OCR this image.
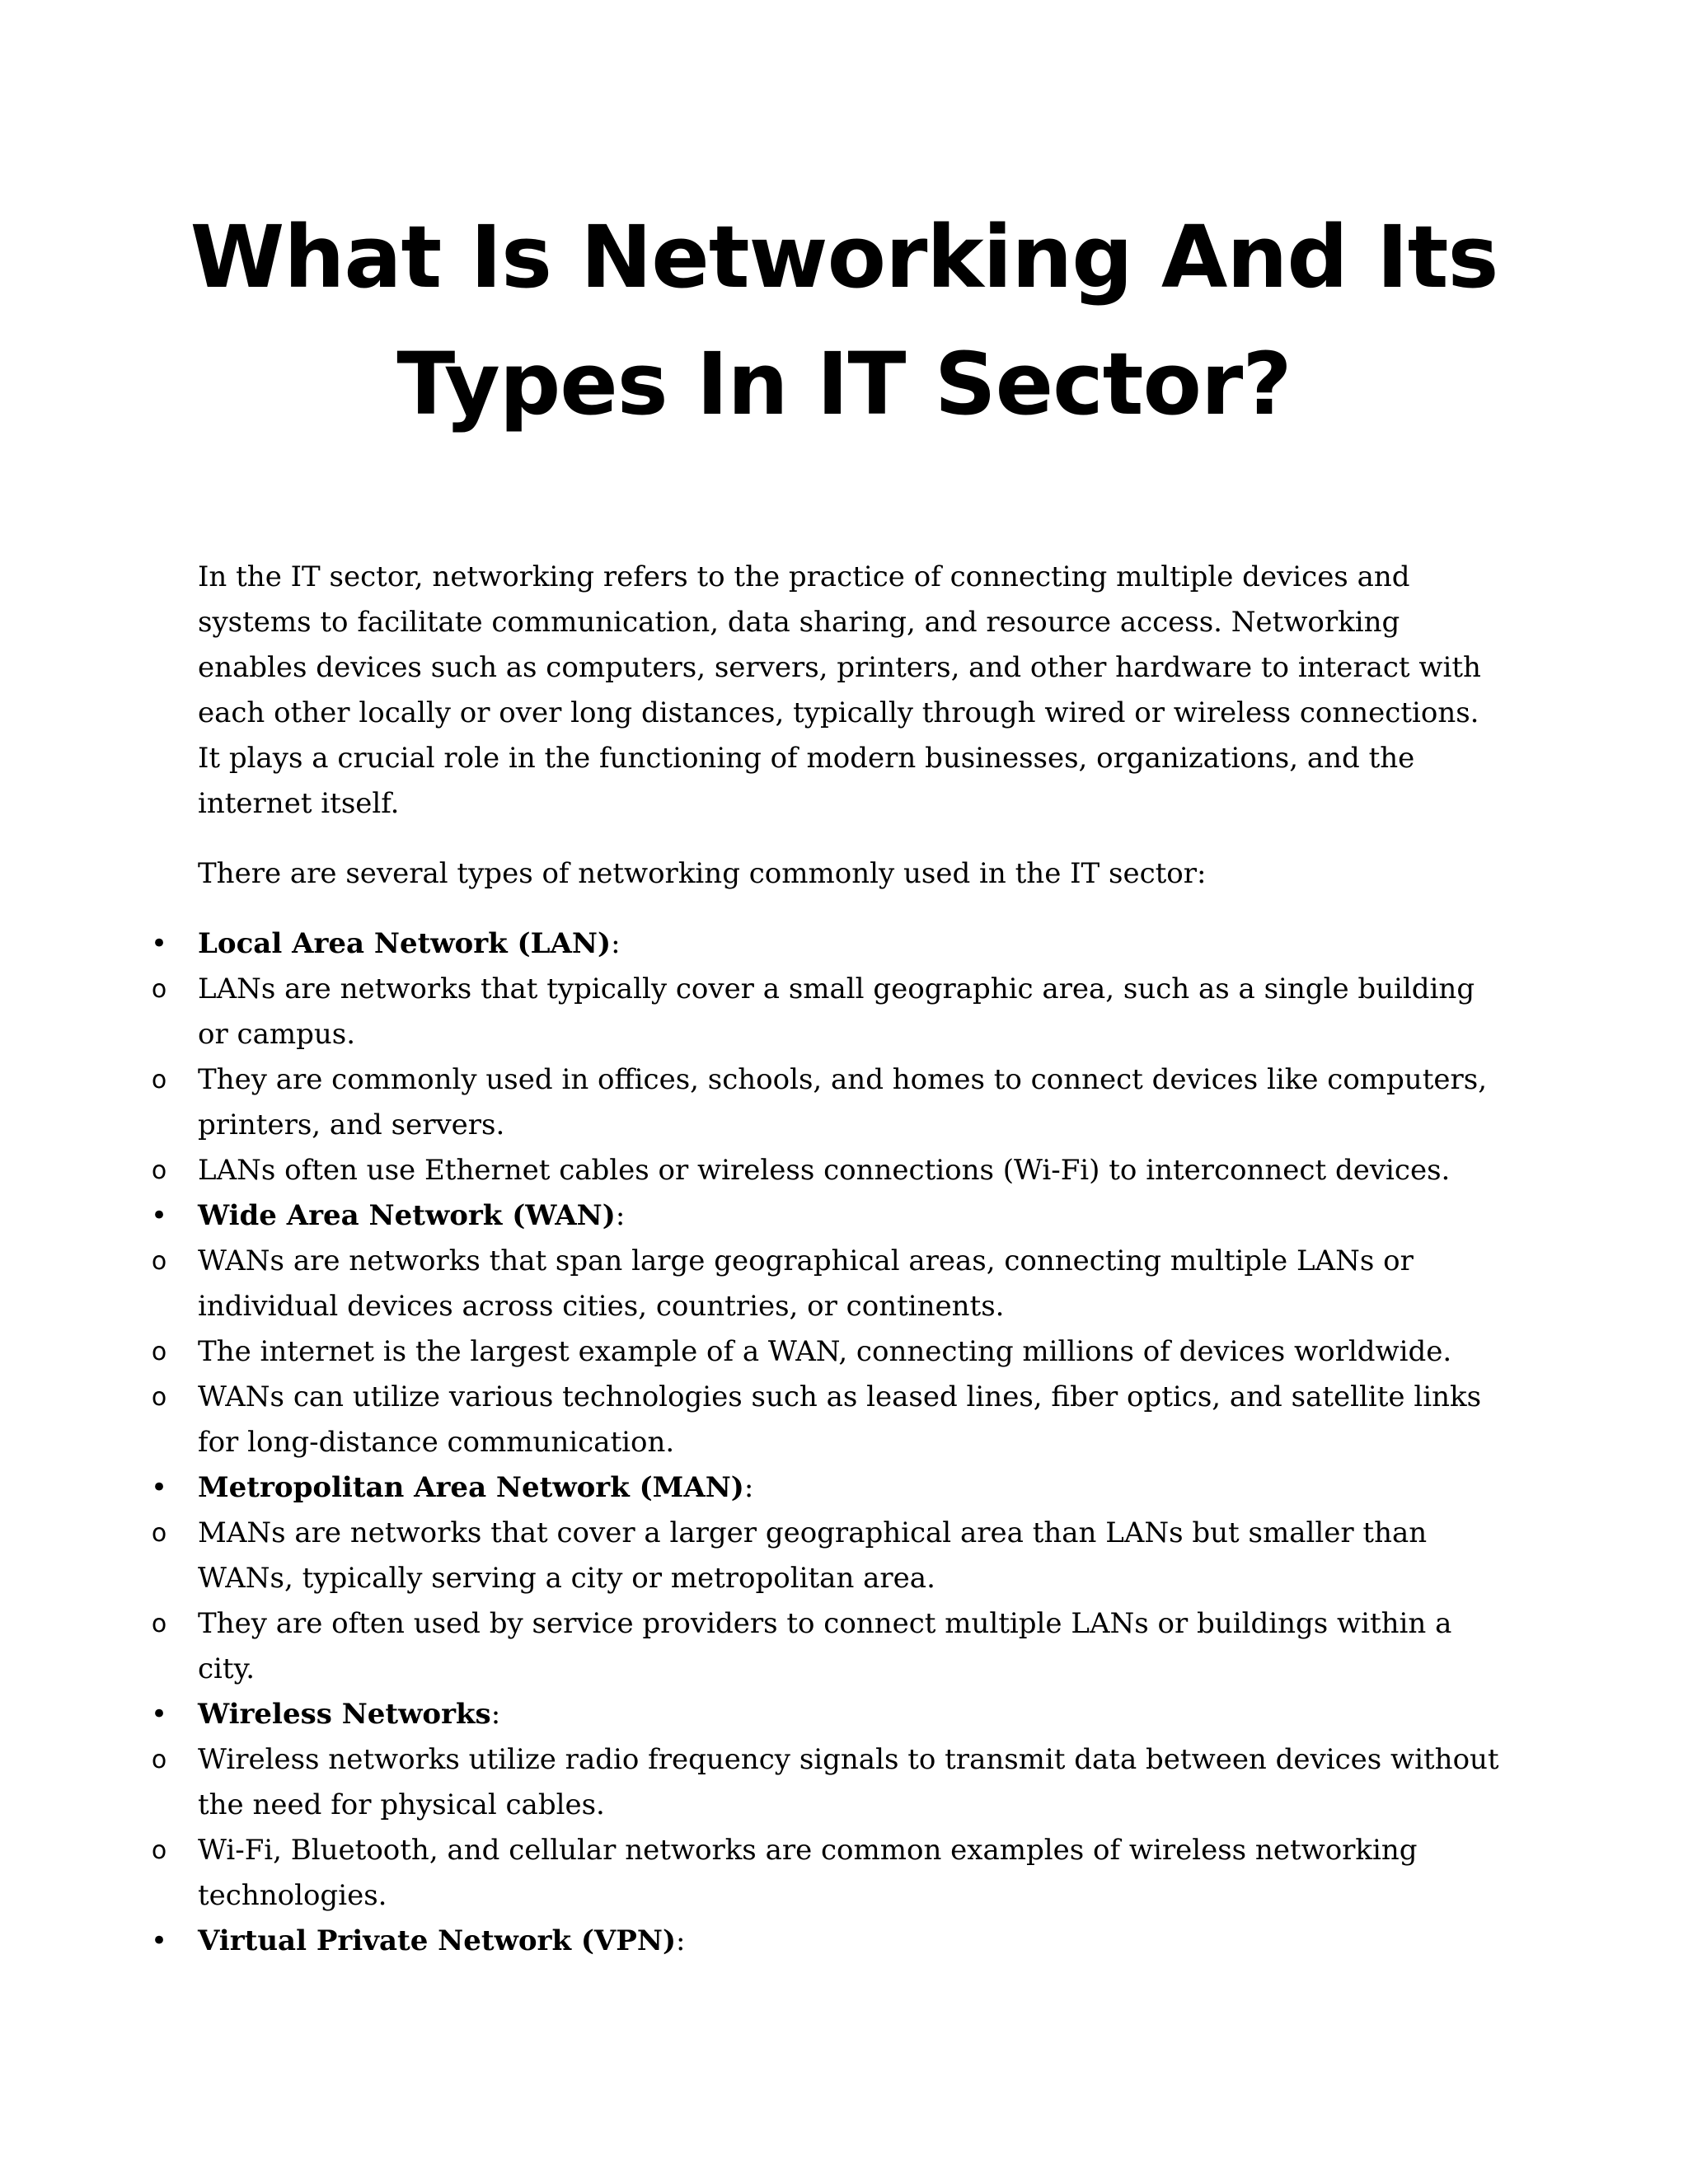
What Is Networking And Its
Types In IT Sector?

In the IT sector, networking refers to the practice of connecting multiple devices and systems to facilitate communication, data sharing, and resource access. Networking enables devices such as computers, servers, printers, and other hardware to interact with each other locally or over long distances, typically through wired or wireless connections. It plays a crucial role in the functioning of modern businesses, organizations, and the internet itself.

There are several types of networking commonly used in the IT sector:

• Local Area Network (LAN):
o LANs are networks that typically cover a small geographic area, such as a single building or campus.
o They are commonly used in offices, schools, and homes to connect devices like computers, printers, and servers.
o LANs often use Ethernet cables or wireless connections (Wi-Fi) to interconnect devices.
• Wide Area Network (WAN):
o WANs are networks that span large geographical areas, connecting multiple LANs or individual devices across cities, countries, or continents.
o The internet is the largest example of a WAN, connecting millions of devices worldwide.
o WANs can utilize various technologies such as leased lines, fiber optics, and satellite links for long-distance communication.
• Metropolitan Area Network (MAN):
o MANs are networks that cover a larger geographical area than LANs but smaller than WANs, typically serving a city or metropolitan area.
o They are often used by service providers to connect multiple LANs or buildings within a city.
• Wireless Networks:
o Wireless networks utilize radio frequency signals to transmit data between devices without the need for physical cables.
o Wi-Fi, Bluetooth, and cellular networks are common examples of wireless networking technologies.
• Virtual Private Network (VPN):
